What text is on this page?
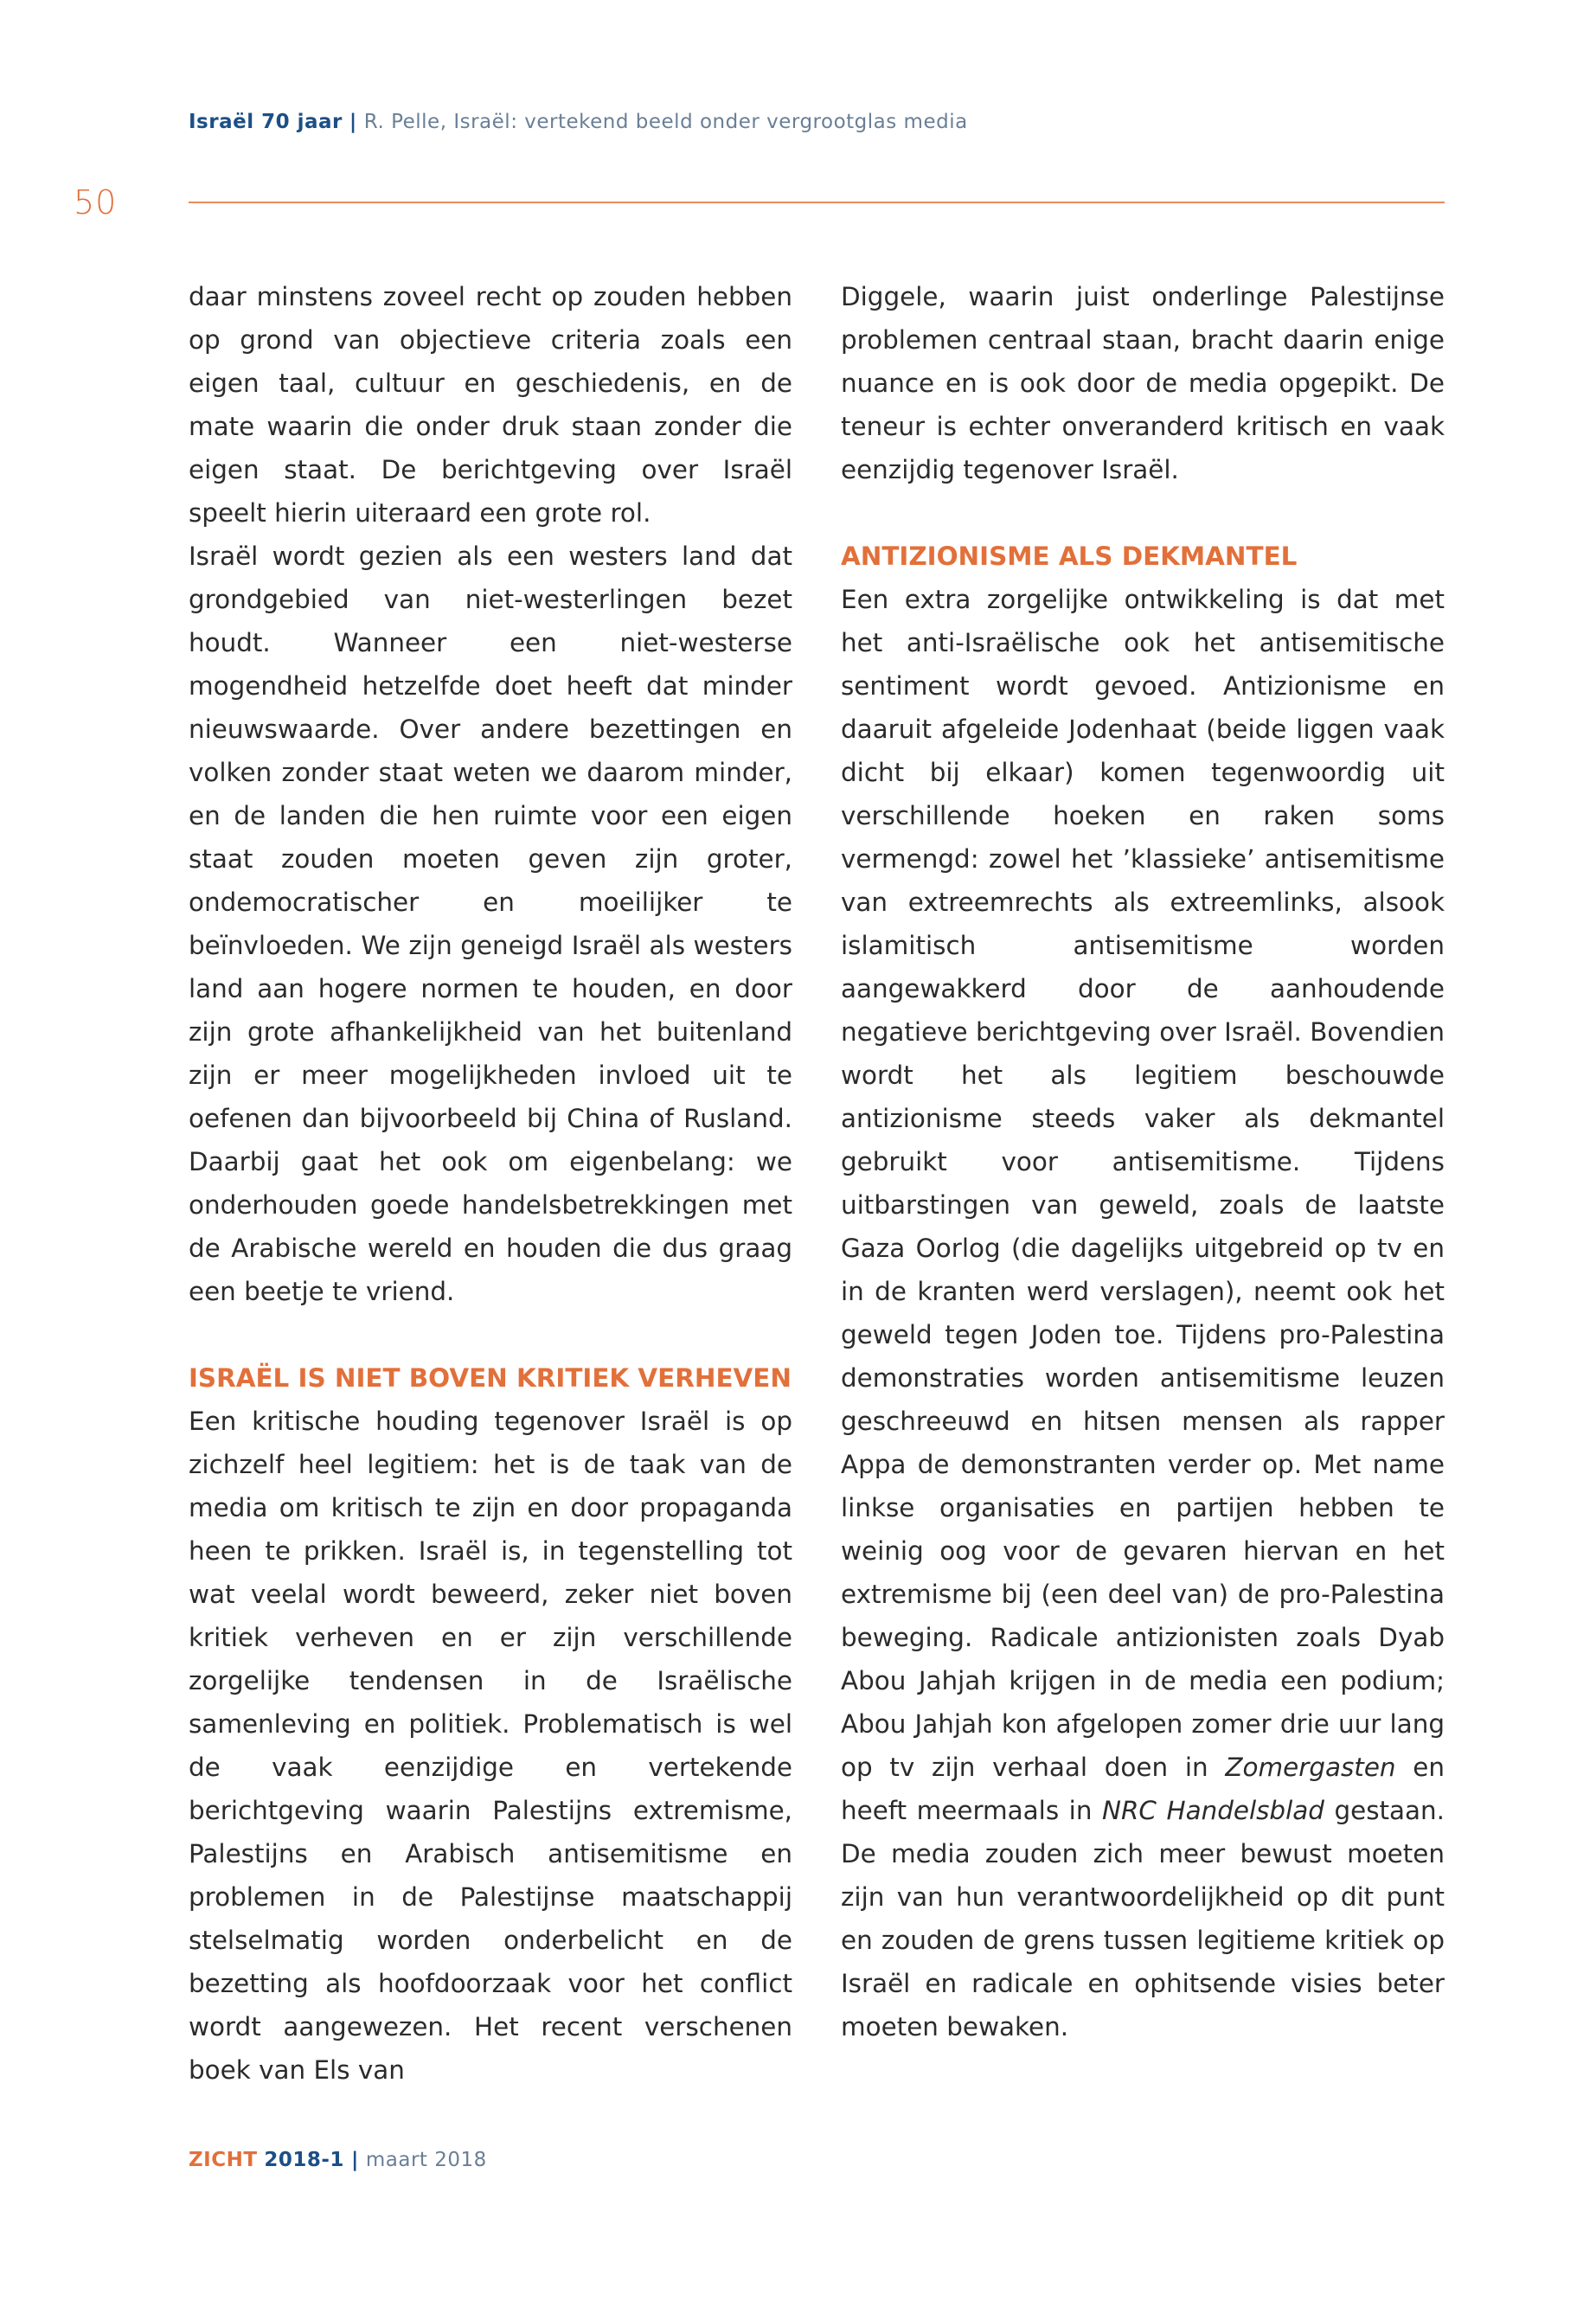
Israël 70 jaar | R. Pelle, Israël: vertekend beeld onder vergrootglas media
50

daar minstens zoveel recht op zouden hebben op grond van objectieve criteria zoals een eigen taal, cultuur en geschiedenis, en de mate waarin die onder druk staan zonder die eigen staat. De berichtgeving over Israël speelt hierin uiteraard een grote rol.

Israël wordt gezien als een westers land dat grondgebied van niet-westerlingen bezet houdt. Wanneer een niet-westerse mogendheid hetzelfde doet heeft dat minder nieuwswaarde. Over andere bezettingen en volken zonder staat weten we daarom minder, en de landen die hen ruimte voor een eigen staat zouden moeten geven zijn groter, ondemocratischer en moeilijker te beïnvloeden. We zijn geneigd Israël als westers land aan hogere normen te houden, en door zijn grote afhankelijkheid van het buitenland zijn er meer mogelijkheden invloed uit te oefenen dan bijvoorbeeld bij China of Rusland. Daarbij gaat het ook om eigenbelang: we onderhouden goede handelsbetrekkingen met de Arabische wereld en houden die dus graag een beetje te vriend.

ISRAËL IS NIET BOVEN KRITIEK VERHEVEN

Een kritische houding tegenover Israël is op zichzelf heel legitiem: het is de taak van de media om kritisch te zijn en door propaganda heen te prikken. Israël is, in tegenstelling tot wat veelal wordt beweerd, zeker niet boven kritiek verheven en er zijn verschillende zorgelijke tendensen in de Israëlische samenleving en politiek. Problematisch is wel de vaak eenzijdige en vertekende berichtgeving waarin Palestijns extremisme, Palestijns en Arabisch antisemitisme en problemen in de Palestijnse maatschappij stelselmatig worden onderbelicht en de bezetting als hoofdoorzaak voor het conflict wordt aangewezen. Het recent verschenen boek van Els van

Diggele, waarin juist onderlinge Palestijnse problemen centraal staan, bracht daarin enige nuance en is ook door de media opgepikt. De teneur is echter onveranderd kritisch en vaak eenzijdig tegenover Israël.

ANTIZIONISME ALS DEKMANTEL

Een extra zorgelijke ontwikkeling is dat met het anti-Israëlische ook het antisemitische sentiment wordt gevoed. Antizionisme en daaruit afgeleide Jodenhaat (beide liggen vaak dicht bij elkaar) komen tegenwoordig uit verschillende hoeken en raken soms vermengd: zowel het ’klassieke’ antisemitisme van extreemrechts als extreemlinks, alsook islamitisch antisemitisme worden aangewakkerd door de aanhoudende negatieve berichtgeving over Israël. Bovendien wordt het als legitiem beschouwde antizionisme steeds vaker als dekmantel gebruikt voor antisemitisme. Tijdens uitbarstingen van geweld, zoals de laatste Gaza Oorlog (die dagelijks uitgebreid op tv en in de kranten werd verslagen), neemt ook het geweld tegen Joden toe. Tijdens pro-Palestina demonstraties worden antisemitisme leuzen geschreeuwd en hitsen mensen als rapper Appa de demonstranten verder op. Met name linkse organisaties en partijen hebben te weinig oog voor de gevaren hiervan en het extremisme bij (een deel van) de pro-Palestina beweging. Radicale antizionisten zoals Dyab Abou Jahjah krijgen in de media een podium; Abou Jahjah kon afgelopen zomer drie uur lang op tv zijn verhaal doen in Zomergasten en heeft meermaals in NRC Handelsblad gestaan. De media zouden zich meer bewust moeten zijn van hun verantwoordelijkheid op dit punt en zouden de grens tussen legitieme kritiek op Israël en radicale en ophitsende visies beter moeten bewaken.

ZICHT 2018-1 | maart 2018
